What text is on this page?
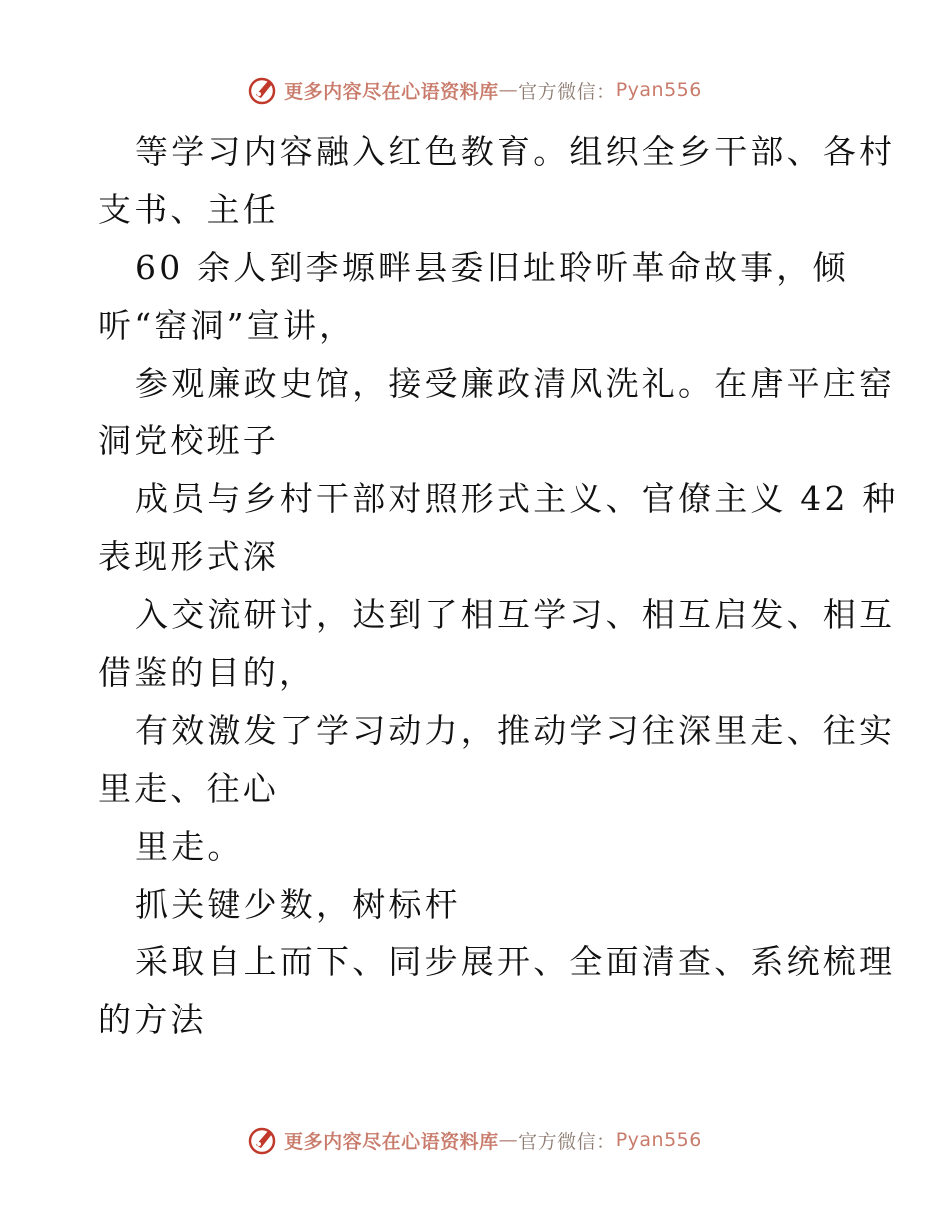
更多内容尽在心语资料库 — 官方微信： Pyan556
等学习内容融入红色教育。组织全乡干部、各村
支书、主任
60 余人到李塬畔县委旧址聆听革命故事，倾
听“窑洞”宣讲，
参观廉政史馆，接受廉政清风洗礼。在唐平庄窑
洞党校班子
成员与乡村干部对照形式主义、官僚主义 42 种
表现形式深
入交流研讨，达到了相互学习、相互启发、相互
借鉴的目的，
有效激发了学习动力，推动学习往深里走、往实
里走、往心
里走。
抓关键少数，树标杆
采取自上而下、同步展开、全面清查、系统梳理
的方法
更多内容尽在心语资料库 — 官方微信： Pyan556
